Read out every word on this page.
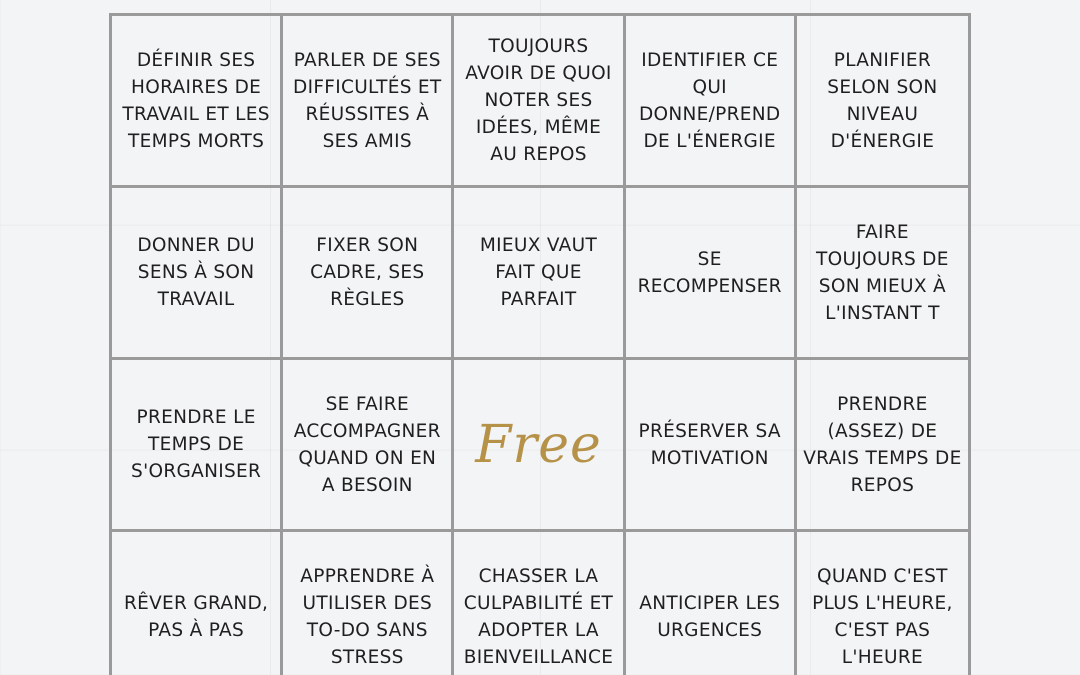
DÉFINIR SES HORAIRES DE TRAVAIL ET LES TEMPS MORTS
PARLER DE SES DIFFICULTÉS ET RÉUSSITES À SES AMIS
TOUJOURS AVOIR DE QUOI NOTER SES IDÉES, MÊME AU REPOS
IDENTIFIER CE QUI DONNE/PREND DE L'ÉNERGIE
PLANIFIER SELON SON NIVEAU D'ÉNERGIE
DONNER DU SENS À SON TRAVAIL
FIXER SON CADRE, SES RÈGLES
MIEUX VAUT FAIT QUE PARFAIT
SE RECOMPENSER
FAIRE TOUJOURS DE SON MIEUX À L'INSTANT T
PRENDRE LE TEMPS DE S'ORGANISER
SE FAIRE ACCOMPAGNER QUAND ON EN A BESOIN
Free	PRÉSERVER SA MOTIVATION
PRENDRE (ASSEZ) DE VRAIS TEMPS DE REPOS
RÊVER GRAND, PAS À PAS
APPRENDRE À UTILISER DES TO-DO SANS STRESS
CHASSER LA CULPABILITÉ ET ADOPTER LA BIENVEILLANCE
ANTICIPER LES URGENCES
QUAND C'EST PLUS L'HEURE, C'EST PAS L'HEURE
